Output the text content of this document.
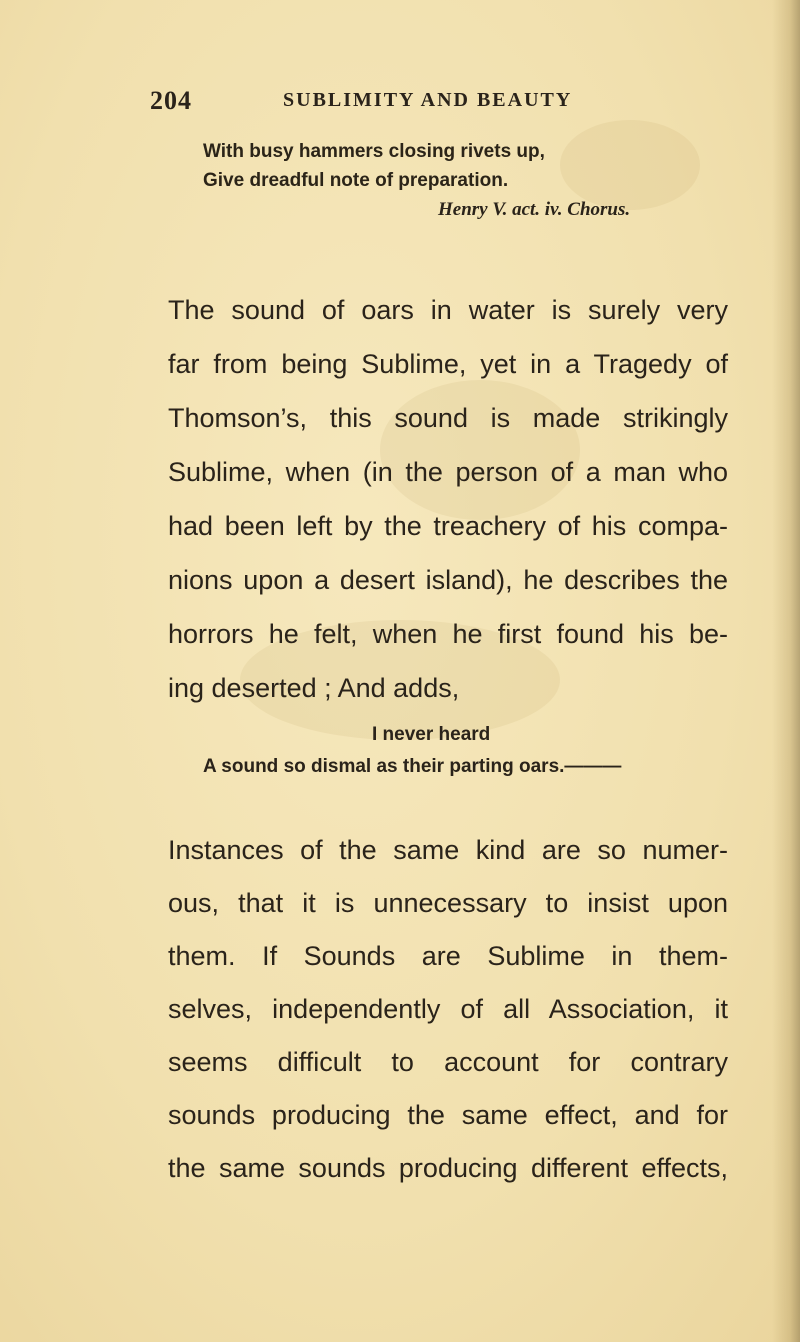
204	SUBLIMITY AND BEAUTY
With busy hammers closing rivets up,
Give dreadful note of preparation.
Henry V. act. iv. Chorus.
The sound of oars in water is surely very
far from being Sublime, yet in a Tragedy of
Thomson’s, this sound is made strikingly
Sublime, when (in the person of a man who
had been left by the treachery of his compa-
nions upon a desert island), he describes the
horrors he felt, when he first found his be-
ing deserted ; And adds,
I never heard
A sound so dismal as their parting oars.———
Instances of the same kind are so numer-
ous, that it is unnecessary to insist upon
them. If Sounds are Sublime in them-
selves, independently of all Association, it
seems difficult to account for contrary
sounds producing the same effect, and for
the same sounds producing different effects,
